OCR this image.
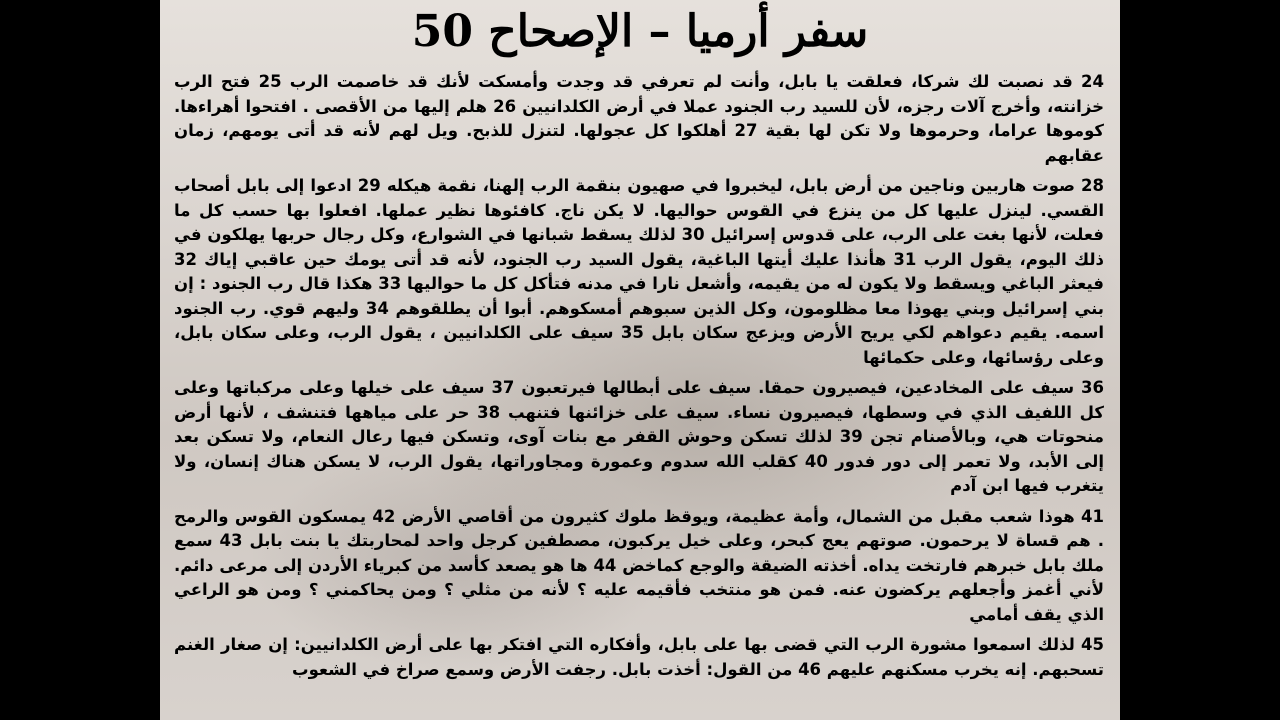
سفر أرميا – الإصحاح 50

24 قد نصبت لك شركا، فعلقت يا بابل، وأنت لم تعرفي قد وجدت وأمسكت لأنك قد خاصمت الرب 25 فتح الرب خزانته، وأخرج آلات رجزه، لأن للسيد رب الجنود عملا في أرض الكلدانيين 26 هلم إليها من الأقصى . افتحوا أهراءها. كوموها عراما، وحرموها ولا تكن لها بقية 27 أهلكوا كل عجولها. لتنزل للذبح. ويل لهم لأنه قد أتى يومهم، زمان عقابهم

28 صوت هاربين وناجين من أرض بابل، ليخبروا في صهيون بنقمة الرب إلهنا، نقمة هيكله 29 ادعوا إلى بابل أصحاب القسي. لينزل عليها كل من ينزع في القوس حواليها. لا يكن ناج. كافئوها نظير عملها. افعلوا بها حسب كل ما فعلت، لأنها بغت على الرب، على قدوس إسرائيل 30 لذلك يسقط شبانها في الشوارع، وكل رجال حربها يهلكون في ذلك اليوم، يقول الرب 31 هأنذا عليك أيتها الباغية، يقول السيد رب الجنود، لأنه قد أتى يومك حين عاقبي إياك 32 فيعثر الباغي ويسقط ولا يكون له من يقيمه، وأشعل نارا في مدنه فتأكل كل ما حواليها 33 هكذا قال رب الجنود : إن بني إسرائيل وبني يهوذا معا مظلومون، وكل الذين سبوهم أمسكوهم. أبوا أن يطلقوهم 34 وليهم قوي. رب الجنود اسمه. يقيم دعواهم لكي يريح الأرض ويزعج سكان بابل 35 سيف على الكلدانيين ، يقول الرب، وعلى سكان بابل، وعلى رؤسائها، وعلى حكمائها

36 سيف على المخادعين، فيصيرون حمقا. سيف على أبطالها فيرتعبون 37 سيف على خيلها وعلى مركباتها وعلى كل اللفيف الذي في وسطها، فيصيرون نساء. سيف على خزائنها فتنهب 38 حر على مياهها فتنشف ، لأنها أرض منحوتات هي، وبالأصنام تجن 39 لذلك تسكن وحوش القفر مع بنات آوى، وتسكن فيها رعال النعام، ولا تسكن بعد إلى الأبد، ولا تعمر إلى دور فدور 40 كقلب الله سدوم وعمورة ومجاوراتها، يقول الرب، لا يسكن هناك إنسان، ولا يتغرب فيها ابن آدم

41 هوذا شعب مقبل من الشمال، وأمة عظيمة، ويوقظ ملوك كثيرون من أقاصي الأرض 42 يمسكون القوس والرمح . هم قساة لا يرحمون. صوتهم يعج كبحر، وعلى خيل يركبون، مصطفين كرجل واحد لمحاربتك يا بنت بابل 43 سمع ملك بابل خبرهم فارتخت يداه. أخذته الضيقة والوجع كماخض 44 ها هو يصعد كأسد من كبرياء الأردن إلى مرعى دائم. لأني أغمز وأجعلهم يركضون عنه. فمن هو منتخب فأقيمه عليه ؟ لأنه من مثلي ؟ ومن يحاكمني ؟ ومن هو الراعي الذي يقف أمامي

45 لذلك اسمعوا مشورة الرب التي قضى بها على بابل، وأفكاره التي افتكر بها على أرض الكلدانيين: إن صغار الغنم تسحبهم. إنه يخرب مسكنهم عليهم 46 من القول: أخذت بابل. رجفت الأرض وسمع صراخ في الشعوب
